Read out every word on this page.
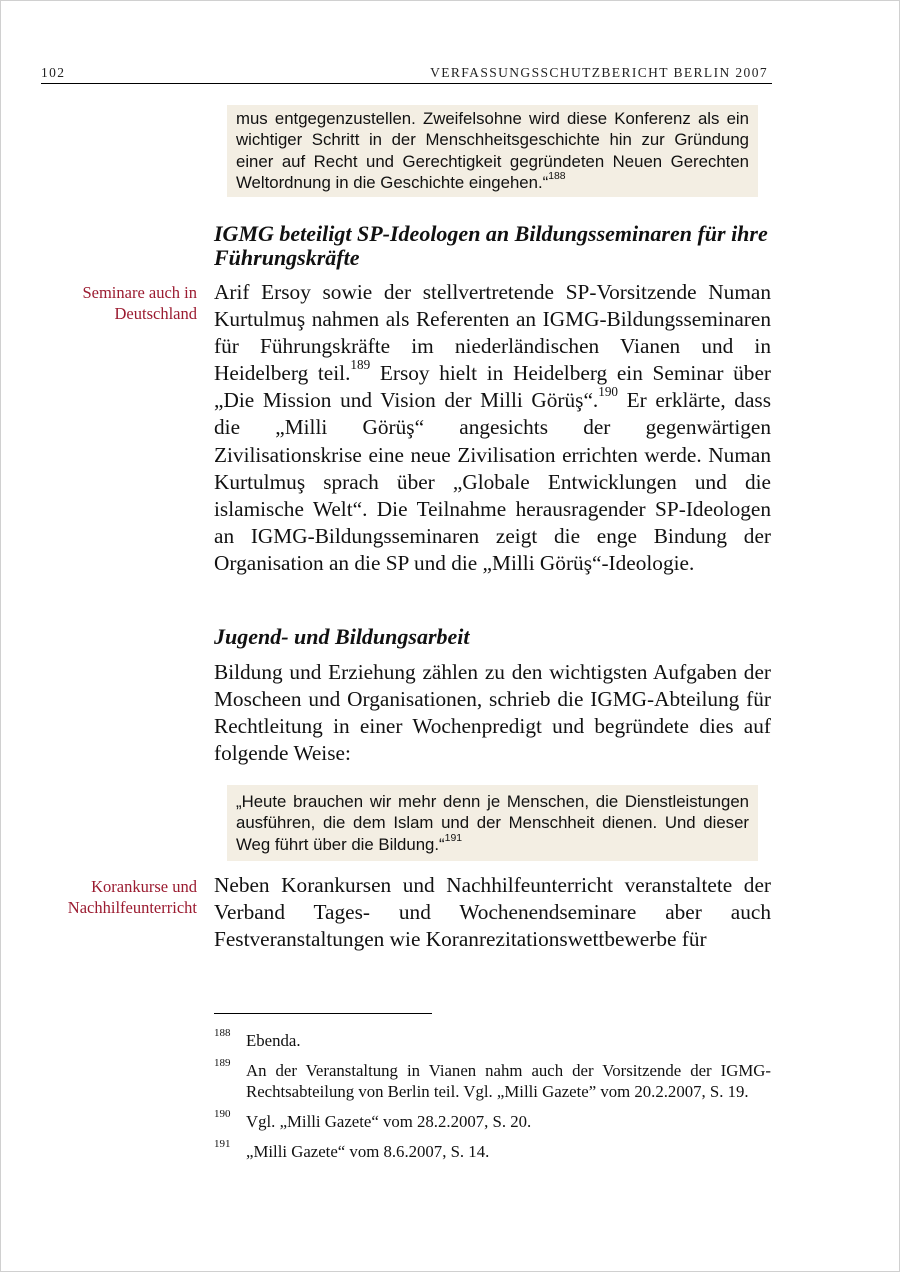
102	VERFASSUNGSSCHUTZBERICHT BERLIN 2007

mus entgegenzustellen. Zweifelsohne wird diese Konferenz als ein wichtiger Schritt in der Menschheitsgeschichte hin zur Gründung einer auf Recht und Gerechtigkeit gegründeten Neuen Gerechten Weltordnung in die Geschichte eingehen.“$^{188}$

IGMG beteiligt SP-Ideologen an Bildungsseminaren für ihre Führungskräfte
Seminare auch in Deutschland

Arif Ersoy sowie der stellvertretende SP-Vorsitzende Numan Kurtulmuş nahmen als Referenten an IGMG-Bildungsseminaren für Führungskräfte im niederländischen Vianen und in Heidelberg teil.$^{189}$ Ersoy hielt in Heidelberg ein Seminar über „Die Mission und Vision der Milli Görüş“.$^{190}$ Er erklärte, dass die „Milli Görüş“ angesichts der gegenwärtigen Zivilisationskrise eine neue Zivilisation errichten werde. Numan Kurtulmuş sprach über „Globale Entwicklungen und die islamische Welt“. Die Teilnahme herausragender SP-Ideologen an IGMG-Bildungsseminaren zeigt die enge Bindung der Organisation an die SP und die „Milli Görüş“-Ideologie.

Jugend- und Bildungsarbeit

Bildung und Erziehung zählen zu den wichtigsten Aufgaben der Moscheen und Organisationen, schrieb die IGMG-Abteilung für Rechtleitung in einer Wochenpredigt und begründete dies auf folgende Weise:

„Heute brauchen wir mehr denn je Menschen, die Dienstleistungen ausführen, die dem Islam und der Menschheit dienen. Und dieser Weg führt über die Bildung.“$^{191}$

Korankurse und Nachhilfeunterricht

Neben Korankursen und Nachhilfeunterricht veranstaltete der Verband Tages- und Wochenendseminare aber auch Festveranstaltungen wie Koranrezitationswettbewerbe für

188 Ebenda.
189 An der Veranstaltung in Vianen nahm auch der Vorsitzende der IGMG-Rechtsabteilung von Berlin teil. Vgl. „Milli Gazete” vom 20.2.2007, S. 19.
190 Vgl. „Milli Gazete“ vom 28.2.2007, S. 20.
191 „Milli Gazete“ vom 8.6.2007, S. 14.
